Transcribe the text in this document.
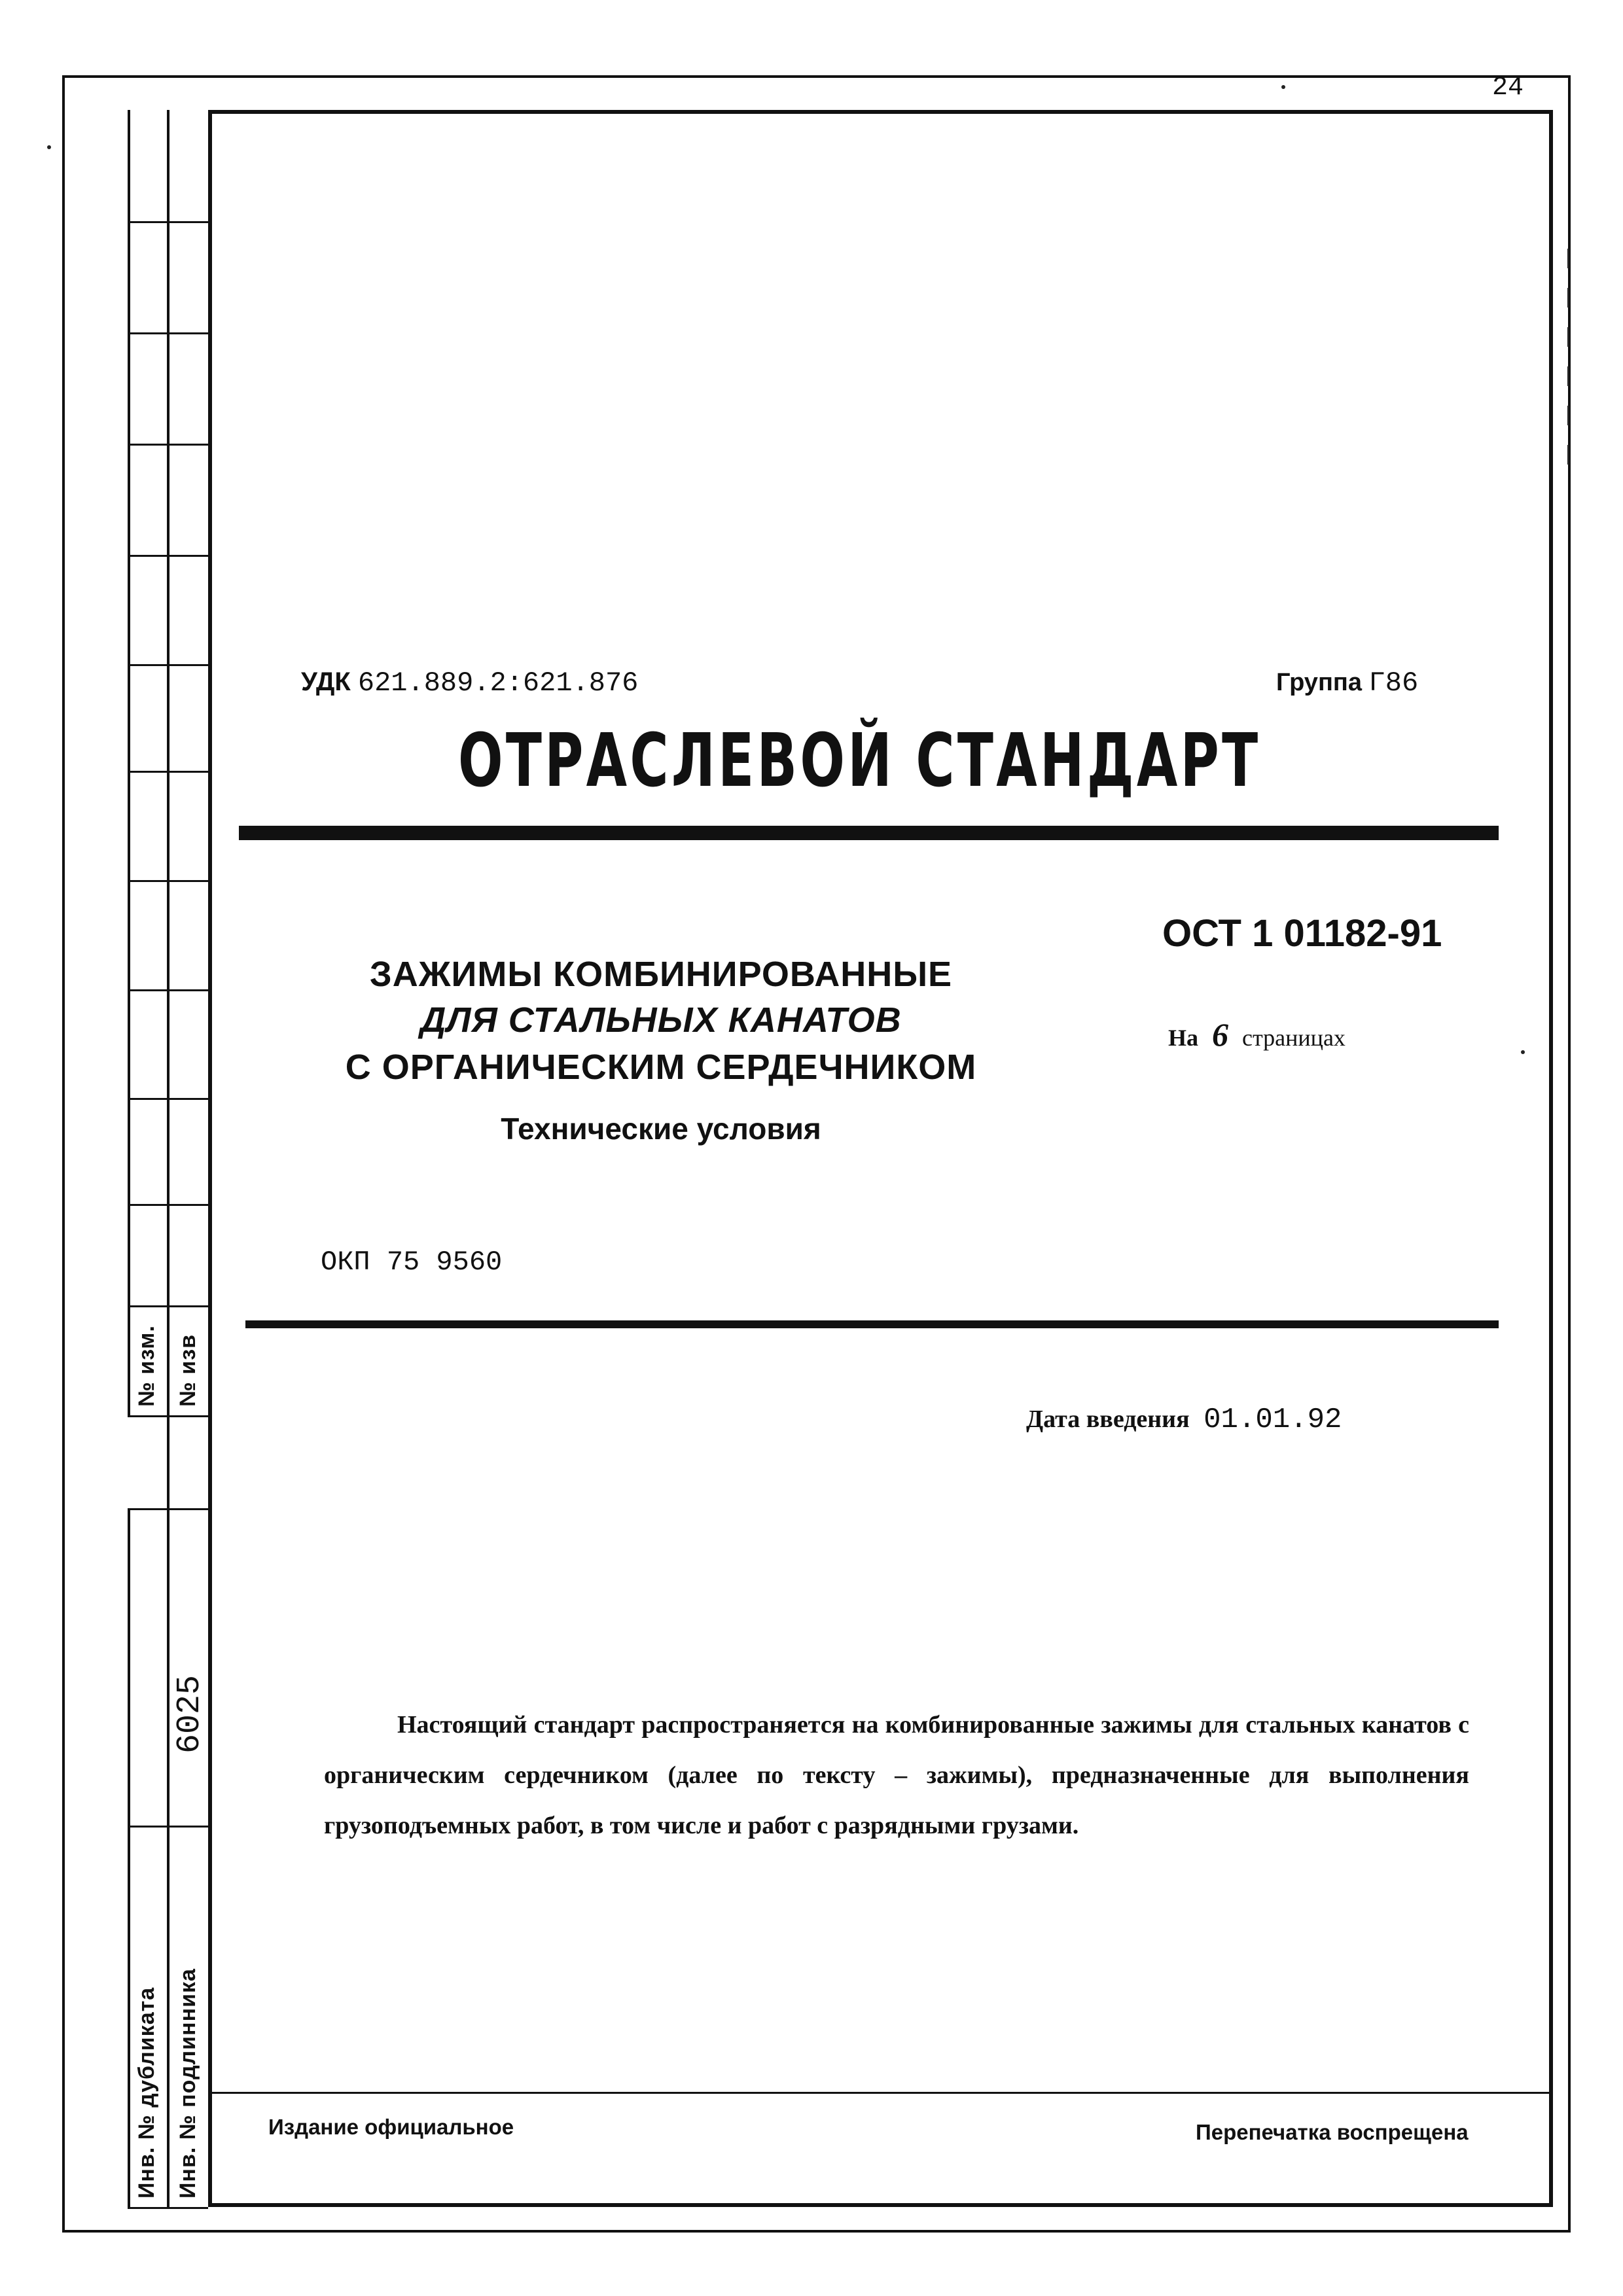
24
№ изм. № изв
6025
Инв. № дубликата Инв. № подлинника
УДК 621.889.2:621.876	Группа Г86
ОТРАСЛЕВОЙ СТАНДАРТ
ОСТ 1 01182-91
На 6 страницах
ЗАЖИМЫ КОМБИНИРОВАННЫЕ
ДЛЯ СТАЛЬНЫХ КАНАТОВ
С ОРГАНИЧЕСКИМ СЕРДЕЧНИКОМ
Технические условия
ОКП 75 9560
Дата введения 01.01.92

Настоящий стандарт распространяется на комбинированные зажимы для стальных канатов с органическим сердечником (далее по тексту – зажимы), предназначенные для выполнения грузоподъемных работ, в том числе и работ с разрядными грузами.

Издание официальное	Перепечатка воспрещена
